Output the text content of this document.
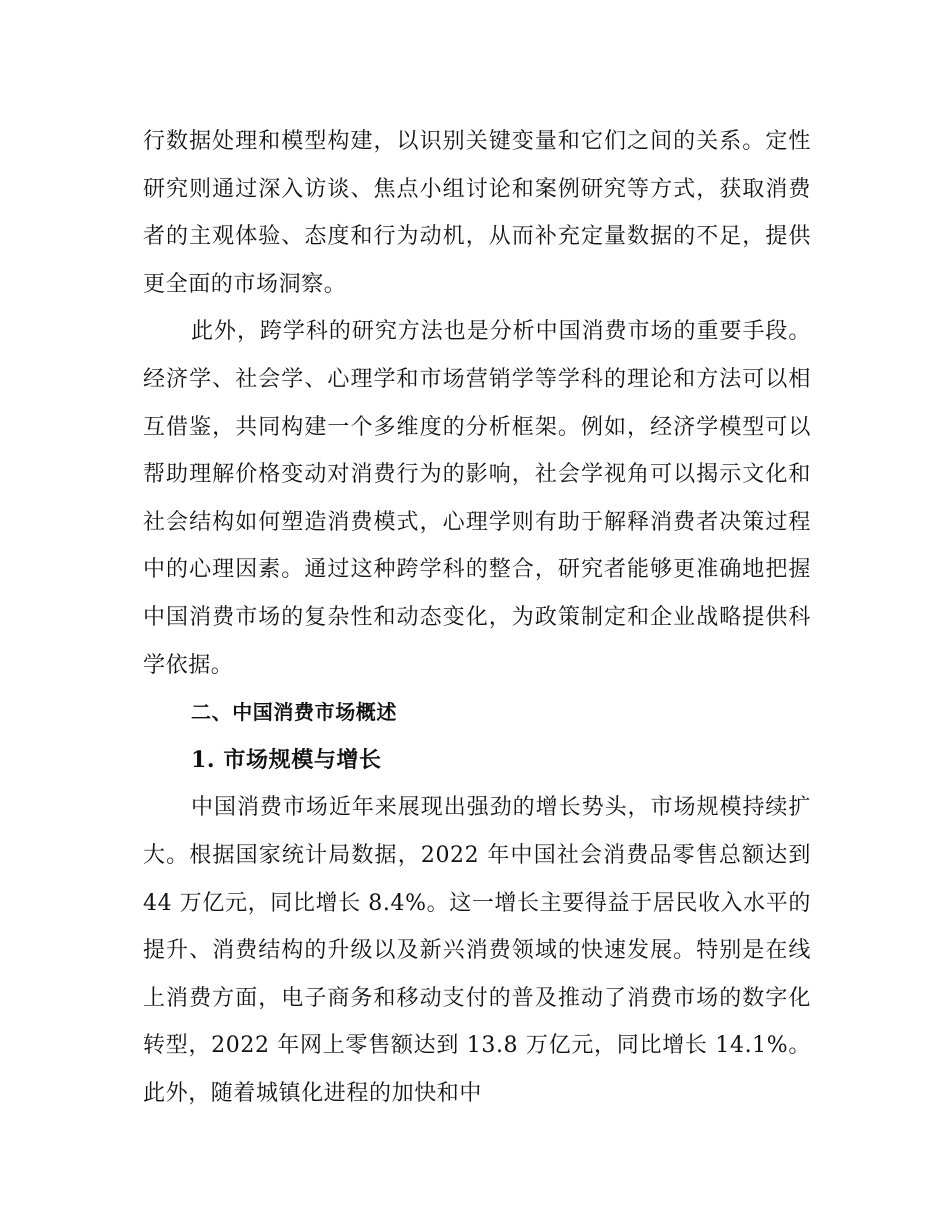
行数据处理和模型构建，以识别关键变量和它们之间的关系。定性研究则通过深入访谈、焦点小组讨论和案例研究等方式，获取消费者的主观体验、态度和行为动机，从而补充定量数据的不足，提供更全面的市场洞察。

此外，跨学科的研究方法也是分析中国消费市场的重要手段。经济学、社会学、心理学和市场营销学等学科的理论和方法可以相互借鉴，共同构建一个多维度的分析框架。例如，经济学模型可以帮助理解价格变动对消费行为的影响，社会学视角可以揭示文化和社会结构如何塑造消费模式，心理学则有助于解释消费者决策过程中的心理因素。通过这种跨学科的整合，研究者能够更准确地把握中国消费市场的复杂性和动态变化，为政策制定和企业战略提供科学依据。

二、中国消费市场概述
1. 市场规模与增长

中国消费市场近年来展现出强劲的增长势头，市场规模持续扩大。根据国家统计局数据，2022 年中国社会消费品零售总额达到 44 万亿元，同比增长 8.4%。这一增长主要得益于居民收入水平的提升、消费结构的升级以及新兴消费领域的快速发展。特别是在线上消费方面，电子商务和移动支付的普及推动了消费市场的数字化转型，2022 年网上零售额达到 13.8 万亿元，同比增长 14.1%。此外，随着城镇化进程的加快和中
